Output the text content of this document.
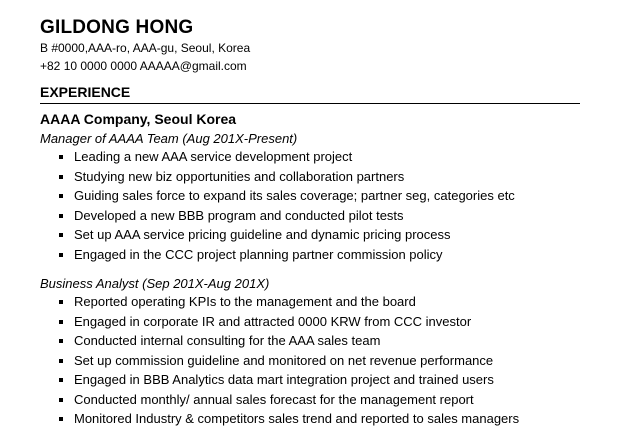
GILDONG HONG
B #0000,AAA-ro, AAA-gu, Seoul, Korea
+82 10 0000 0000 AAAAA@gmail.com
EXPERIENCE
AAAA Company, Seoul Korea
Manager of AAAA Team (Aug 201X-Present)
Leading a new AAA service development project
Studying new biz opportunities and collaboration partners
Guiding sales force to expand its sales coverage; partner seg, categories etc
Developed a new BBB program and conducted pilot tests
Set up AAA service pricing guideline and dynamic pricing process
Engaged in the CCC project planning partner commission policy
Business Analyst (Sep 201X-Aug 201X)
Reported operating KPIs to the management and the board
Engaged in corporate IR and attracted 0000 KRW from CCC investor
Conducted internal consulting for the AAA sales team
Set up commission guideline and monitored on net revenue performance
Engaged in BBB Analytics data mart integration project and trained users
Conducted monthly/ annual sales forecast for the management report
Monitored Industry & competitors sales trend and reported to sales managers
